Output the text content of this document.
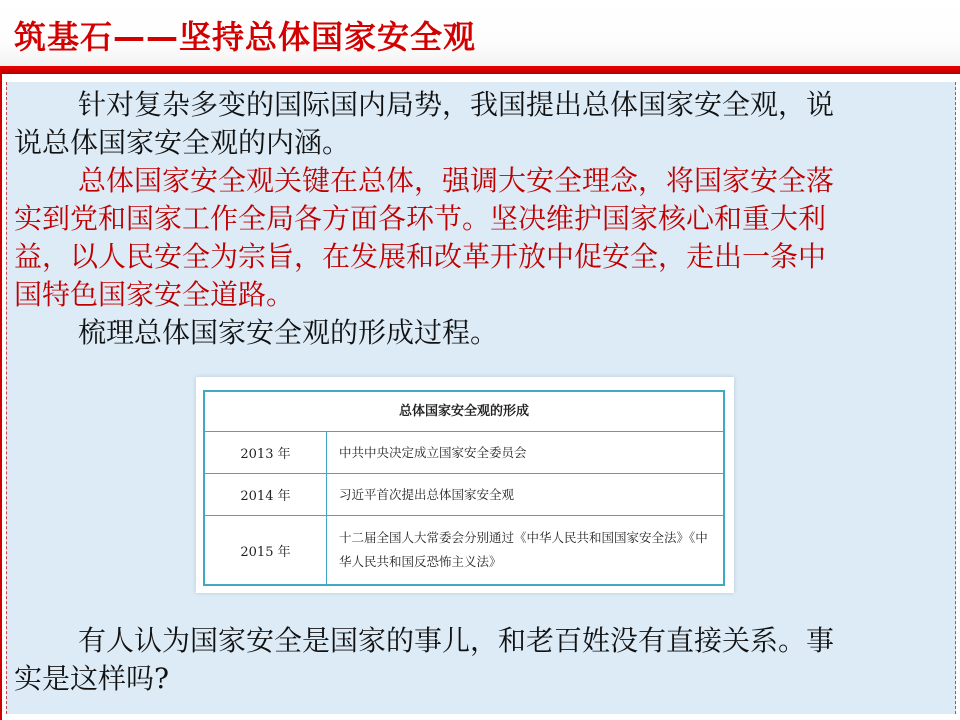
筑基石——坚持总体国家安全观
针对复杂多变的国际国内局势，我国提出总体国家安全观，说
说总体国家安全观的内涵。
总体国家安全观关键在总体，强调大安全理念，将国家安全落
实到党和国家工作全局各方面各环节。坚决维护国家核心和重大利
益，以人民安全为宗旨，在发展和改革开放中促安全，走出一条中
国特色国家安全道路。
梳理总体国家安全观的形成过程。
总体国家安全观的形成
2013 年	中共中央决定成立国家安全委员会
2014 年	习近平首次提出总体国家安全观
2015 年
十二届全国人大常委会分别通过《中华人民共和国国家安全法》《中华人民共和国反恐怖主义法》
有人认为国家安全是国家的事儿，和老百姓没有直接关系。事
实是这样吗?
